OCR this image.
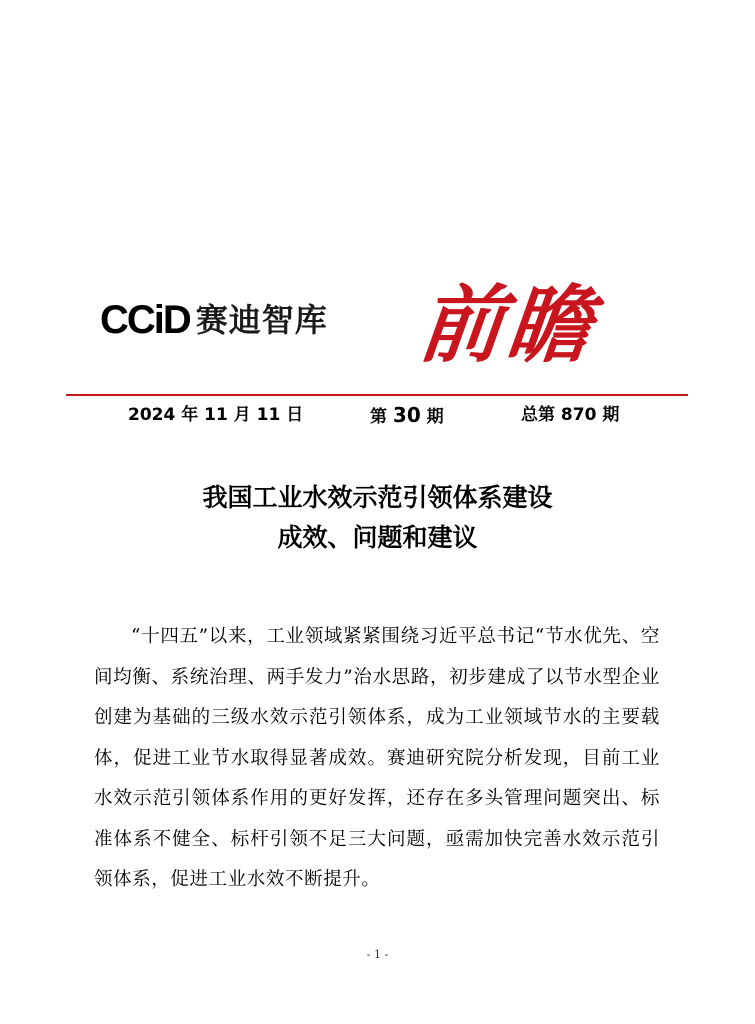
CCiD 赛迪智库 前瞻
2024 年 11 月 11 日	第 30 期	总第 870 期
我国工业水效示范引领体系建设
成效、问题和建议
“十四五”以来，工业领域紧紧围绕习近平总书记“节水优先、空间均衡、系统治理、两手发力”治水思路，初步建成了以节水型企业创建为基础的三级水效示范引领体系，成为工业领域节水的主要载体，促进工业节水取得显著成效。赛迪研究院分析发现，目前工业水效示范引领体系作用的更好发挥，还存在多头管理问题突出、标准体系不健全、标杆引领不足三大问题，亟需加快完善水效示范引领体系，促进工业水效不断提升。
- 1 -
